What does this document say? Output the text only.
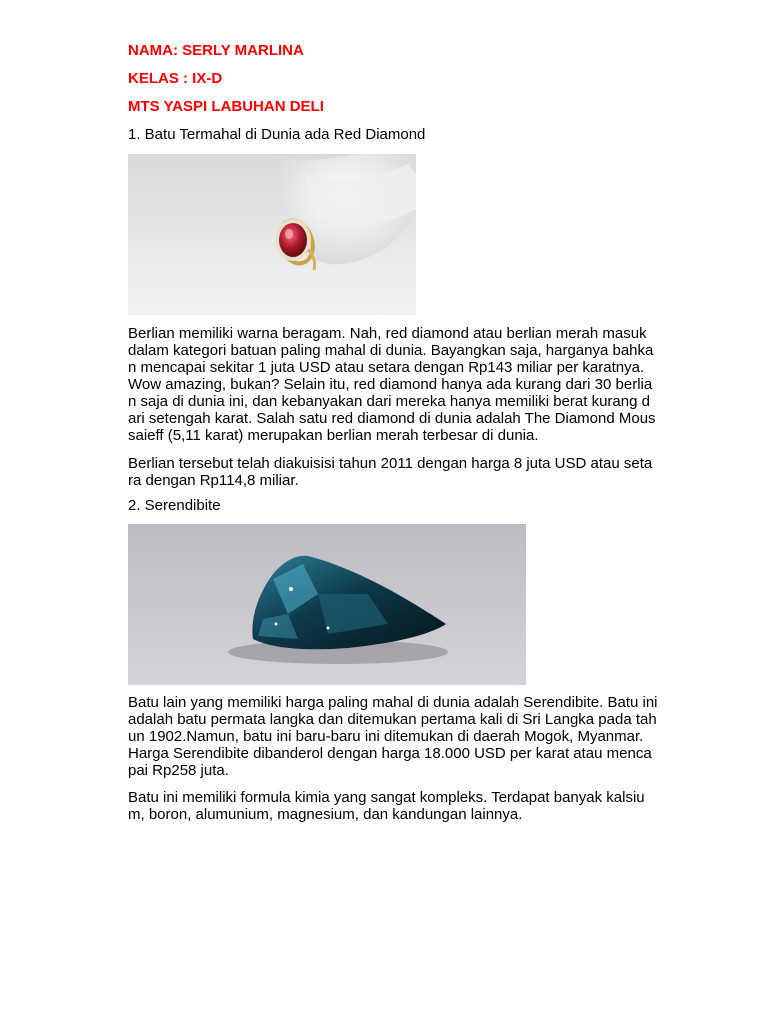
NAMA: SERLY MARLINA

KELAS : IX-D

MTS YASPI LABUHAN DELI

1. Batu Termahal di Dunia ada Red Diamond

Berlian memiliki warna beragam. Nah, red diamond atau berlian merah masuk
dalam kategori batuan paling mahal di dunia. Bayangkan saja, harganya bahka
n mencapai sekitar 1 juta USD atau setara dengan Rp143 miliar per karatnya.
Wow amazing, bukan? Selain itu, red diamond hanya ada kurang dari 30 berlia
n saja di dunia ini, dan kebanyakan dari mereka hanya memiliki berat kurang d
ari setengah karat. Salah satu red diamond di dunia adalah The Diamond Mous
saieff (5,11 karat) merupakan berlian merah terbesar di dunia.

Berlian tersebut telah diakuisisi tahun 2011 dengan harga 8 juta USD atau seta
ra dengan Rp114,8 miliar.

2. Serendibite

Batu lain yang memiliki harga paling mahal di dunia adalah Serendibite. Batu ini
adalah batu permata langka dan ditemukan pertama kali di Sri Langka pada tah
un 1902.Namun, batu ini baru-baru ini ditemukan di daerah Mogok, Myanmar.
Harga Serendibite dibanderol dengan harga 18.000 USD per karat atau menca
pai Rp258 juta.

Batu ini memiliki formula kimia yang sangat kompleks. Terdapat banyak kalsiu
m, boron, alumunium, magnesium, dan kandungan lainnya.
